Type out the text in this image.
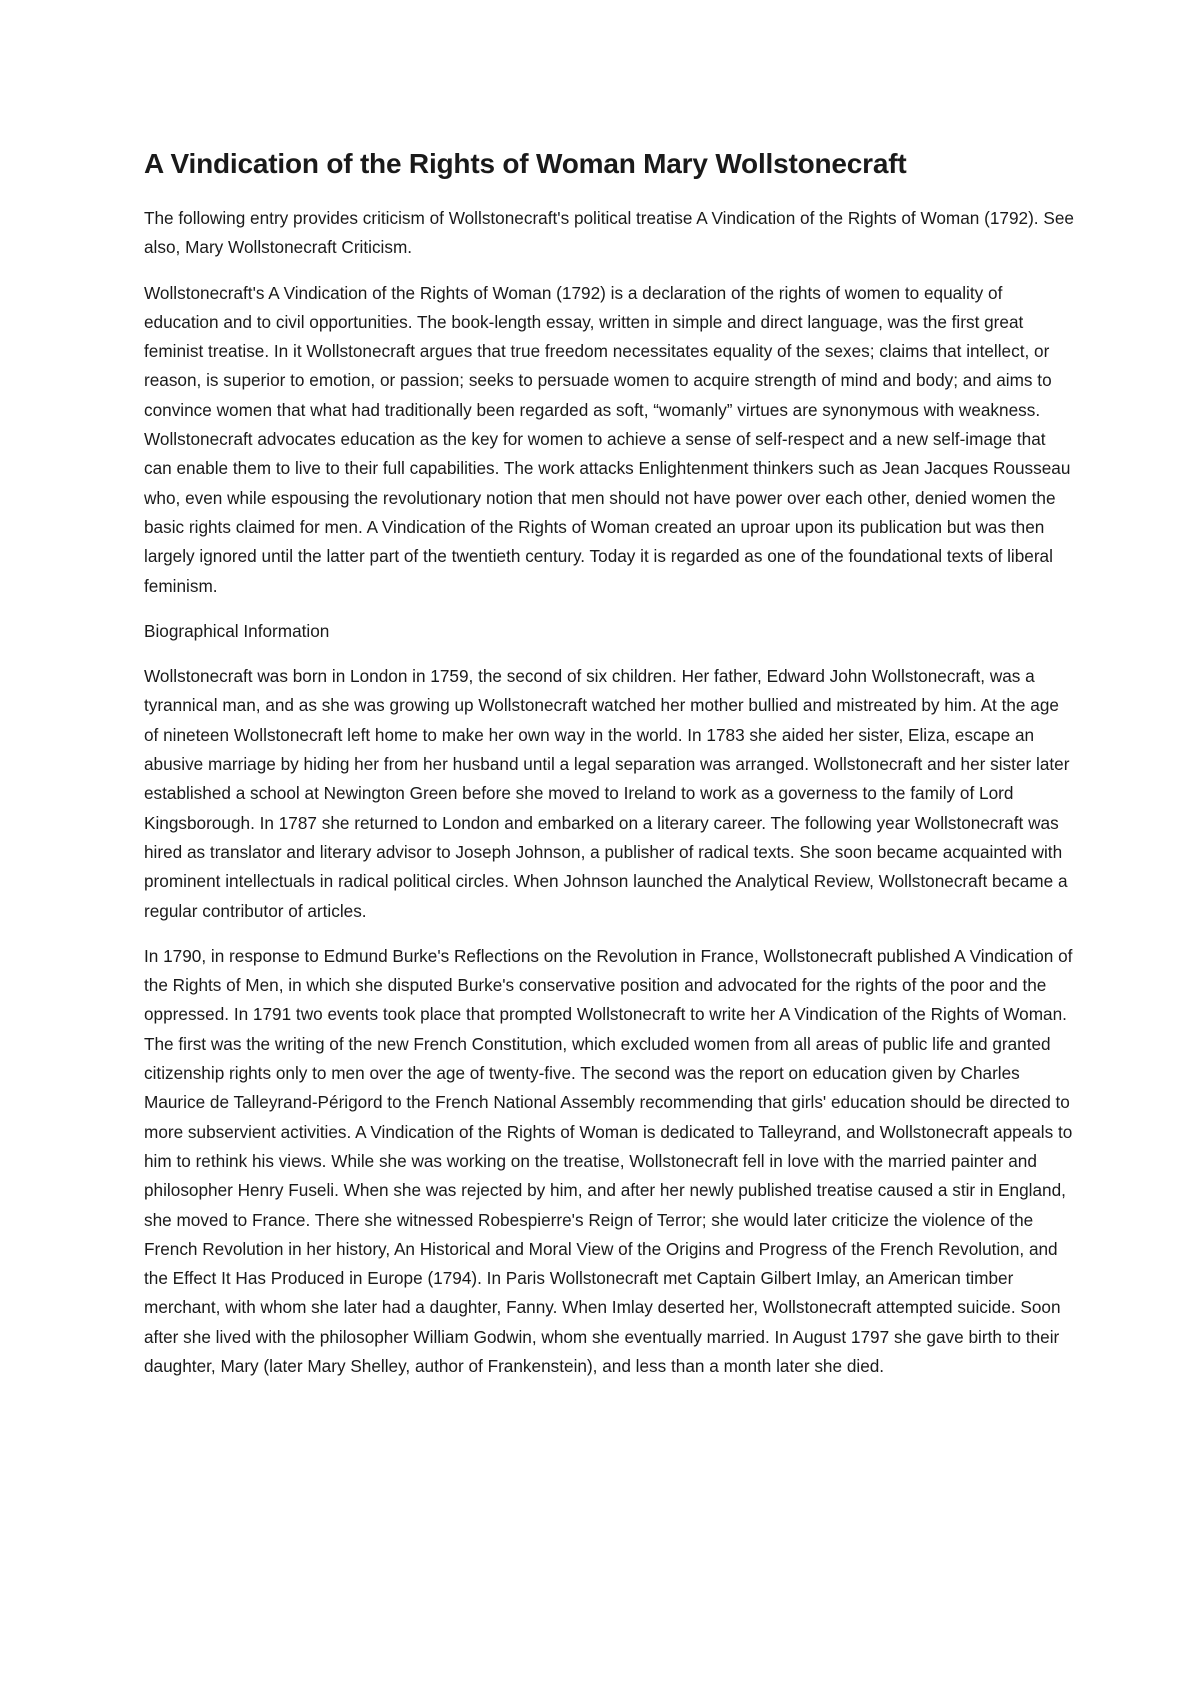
A Vindication of the Rights of Woman Mary Wollstonecraft

The following entry provides criticism of Wollstonecraft's political treatise A Vindication of the Rights of Woman (1792). See also, Mary Wollstonecraft Criticism.

Wollstonecraft's A Vindication of the Rights of Woman (1792) is a declaration of the rights of women to equality of education and to civil opportunities. The book-length essay, written in simple and direct language, was the first great feminist treatise. In it Wollstonecraft argues that true freedom necessitates equality of the sexes; claims that intellect, or reason, is superior to emotion, or passion; seeks to persuade women to acquire strength of mind and body; and aims to convince women that what had traditionally been regarded as soft, “womanly” virtues are synonymous with weakness. Wollstonecraft advocates education as the key for women to achieve a sense of self-respect and a new self-image that can enable them to live to their full capabilities. The work attacks Enlightenment thinkers such as Jean Jacques Rousseau who, even while espousing the revolutionary notion that men should not have power over each other, denied women the basic rights claimed for men. A Vindication of the Rights of Woman created an uproar upon its publication but was then largely ignored until the latter part of the twentieth century. Today it is regarded as one of the foundational texts of liberal feminism.

Biographical Information

Wollstonecraft was born in London in 1759, the second of six children. Her father, Edward John Wollstonecraft, was a tyrannical man, and as she was growing up Wollstonecraft watched her mother bullied and mistreated by him. At the age of nineteen Wollstonecraft left home to make her own way in the world. In 1783 she aided her sister, Eliza, escape an abusive marriage by hiding her from her husband until a legal separation was arranged. Wollstonecraft and her sister later established a school at Newington Green before she moved to Ireland to work as a governess to the family of Lord Kingsborough. In 1787 she returned to London and embarked on a literary career. The following year Wollstonecraft was hired as translator and literary advisor to Joseph Johnson, a publisher of radical texts. She soon became acquainted with prominent intellectuals in radical political circles. When Johnson launched the Analytical Review, Wollstonecraft became a regular contributor of articles.

In 1790, in response to Edmund Burke's Reflections on the Revolution in France, Wollstonecraft published A Vindication of the Rights of Men, in which she disputed Burke's conservative position and advocated for the rights of the poor and the oppressed. In 1791 two events took place that prompted Wollstonecraft to write her A Vindication of the Rights of Woman. The first was the writing of the new French Constitution, which excluded women from all areas of public life and granted citizenship rights only to men over the age of twenty-five. The second was the report on education given by Charles Maurice de Talleyrand-Périgord to the French National Assembly recommending that girls' education should be directed to more subservient activities. A Vindication of the Rights of Woman is dedicated to Talleyrand, and Wollstonecraft appeals to him to rethink his views. While she was working on the treatise, Wollstonecraft fell in love with the married painter and philosopher Henry Fuseli. When she was rejected by him, and after her newly published treatise caused a stir in England, she moved to France. There she witnessed Robespierre's Reign of Terror; she would later criticize the violence of the French Revolution in her history, An Historical and Moral View of the Origins and Progress of the French Revolution, and the Effect It Has Produced in Europe (1794). In Paris Wollstonecraft met Captain Gilbert Imlay, an American timber merchant, with whom she later had a daughter, Fanny. When Imlay deserted her, Wollstonecraft attempted suicide. Soon after she lived with the philosopher William Godwin, whom she eventually married. In August 1797 she gave birth to their daughter, Mary (later Mary Shelley, author of Frankenstein), and less than a month later she died.
